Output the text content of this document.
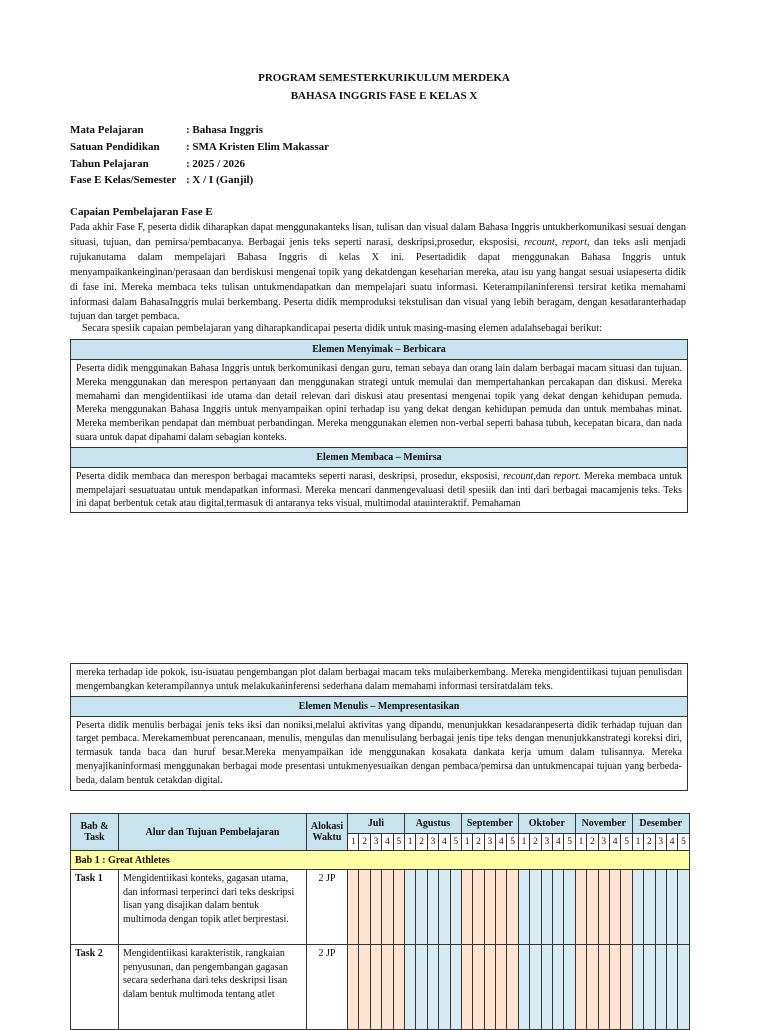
PROGRAM SEMESTERKURIKULUM MERDEKA
BAHASA INGGRIS FASE E KELAS X
Mata Pelajaran	: Bahasa Inggris
Satuan Pendidikan	: SMA Kristen Elim Makassar
Tahun Pelajaran	: 2025 / 2026
Fase E Kelas/Semester : X / I (Ganjil)
Capaian Pembelajaran Fase E
Pada akhir Fase F, peserta didik diharapkan dapat menggunakanteks lisan, tulisan dan visual dalam Bahasa Inggris untukberkomunikasi sesuai dengan situasi, tujuan, dan pemirsa/pembacanya. Berbagai jenis teks seperti narasi, deskripsi,prosedur, eksposisi, recount, report, dan teks asli menjadi rujukanutama dalam mempelajari Bahasa Inggris di kelas X ini. Pesertadidik dapat menggunakan Bahasa Inggris untuk menyampaikankeinginan/perasaan dan berdiskusi mengenai topik yang dekatdengan keseharian mereka, atau isu yang hangat sesuai usiapeserta didik di fase ini. Mereka membaca teks tulisan untukmendapatkan dan mempelajari suatu informasi. Keterampilaninferensi tersirat ketika memahami informasi dalam BahasaInggris mulai berkembang. Peserta didik memproduksi tekstulisan dan visual yang lebih beragam, dengan kesadaranterhadap tujuan dan target pembaca.
Secara spesiik capaian pembelajaran yang diharapkandicapai peserta didik untuk masing-masing elemen adalahsebagai berikut:
Elemen Menyimak – Berbicara
Peserta didik menggunakan Bahasa Inggris untuk berkomunikasi dengan guru, teman sebaya dan orang lain dalam berbagai macam situasi dan tujuan. Mereka menggunakan dan merespon pertanyaan dan menggunakan strategi untuk memulai dan mempertahankan percakapan dan diskusi. Mereka memahami dan mengidentiikasi ide utama dan detail relevan dari diskusi atau presentasi mengenai topik yang dekat dengan kehidupan pemuda. Mereka menggunakan Bahasa Inggris untuk menyampaikan opini terhadap isu yang dekat dengan kehidupan pemuda dan untuk membahas minat. Mereka memberikan pendapat dan membuat perbandingan. Mereka menggunakan elemen non-verbal seperti bahasa tubuh, kecepatan bicara, dan nada suara untuk dapat dipahami dalam sebagian konteks.
Elemen Membaca – Memirsa
Peserta didik membaca dan merespon berbagai macamteks seperti narasi, deskripsi, prosedur, eksposisi, recount,dan report. Mereka membaca untuk mempelajari sesuatuatau untuk mendapatkan informasi. Mereka mencari danmengevaluasi detil spesiik dan inti dari berbagai macamjenis teks. Teks ini dapat berbentuk cetak atau digital,termasuk di antaranya teks visual, multimodal atauinteraktif. Pemahaman
mereka terhadap ide pokok, isu-isuatau pengembangan plot dalam berbagai macam teks mulaiberkembang. Mereka mengidentiikasi tujuan penulisdan mengembangkan keterampilannya untuk melakukaninferensi sederhana dalam memahami informasi tersiratdalam teks.
Elemen Menulis – Mempresentasikan
Peserta didik menulis berbagai jenis teks iksi dan noniksi,melalui aktivitas yang dipandu, menunjukkan kesadaranpeserta didik terhadap tujuan dan target pembaca. Merekamembuat perencanaan, menulis, mengulas dan menulisulang berbagai jenis tipe teks dengan menunjukkanstrategi koreksi diri, termasuk tanda baca dan huruf besar.Mereka menyampaikan ide menggunakan kosakata dankata kerja umum dalam tulisannya. Mereka menyajikaninformasi menggunakan berbagai mode presentasi untukmenyesuaikan dengan pembaca/pemirsa dan untukmencapai tujuan yang berbeda-beda, dalam bentuk cetakdan digital.
Bab & Task	Alur dan Tujuan Pembelajaran	Alokasi Waktu	Juli					Agustus					September					Oktober					November					Desember				
			1	2	3	4	5	1	2	3	4	5	1	2	3	4	5	1	2	3	4	5	1	2	3	4	5	1	2	3	4	5
Bab 1 : Great Athletes																																
Task 1	Mengidentiikasi konteks, gagasan utama, dan informasi terperinci dari teks deskripsi lisan yang disajikan dalam bentuk multimoda dengan topik atlet berprestasi.	2 JP																														
Task 2	Mengidentiikasi karakteristik, rangkaian penyusunan, dan pengembangan gagasan secara sederhana dari teks deskripsi lisan dalam bentuk multimoda tentang atlet	2 JP																														
